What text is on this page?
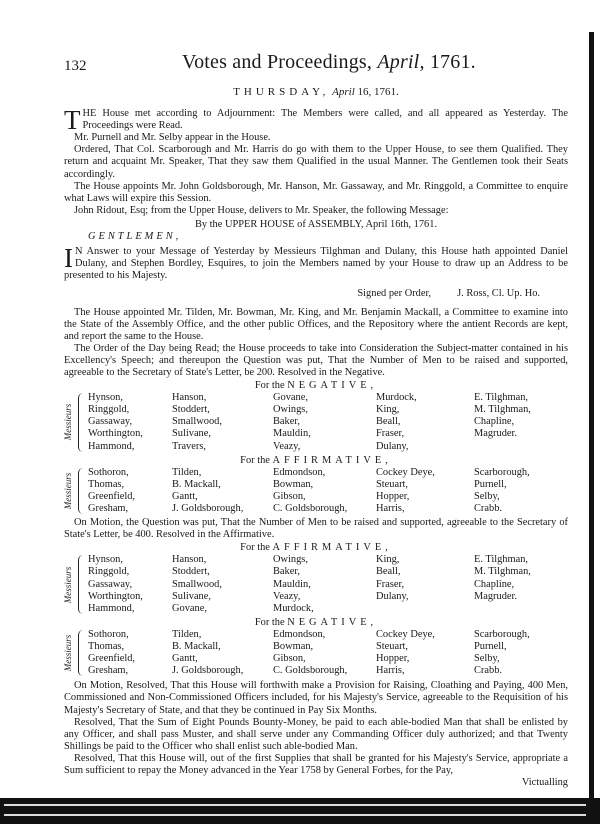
132	Votes and Proceedings, April, 1761.
THURSDAY, April 16, 1761.

THE House met according to Adjournment: The Members were called, and all appeared as Yesterday. The Proceedings were Read.

Mr. Purnell and Mr. Selby appear in the House.

Ordered, That Col. Scarborough and Mr. Harris do go with them to the Upper House, to see them Qualified. They return and acquaint Mr. Speaker, That they saw them Qualified in the usual Manner. The Gentlemen took their Seats accordingly.

The House appoints Mr. John Goldsborough, Mr. Hanson, Mr. Gassaway, and Mr. Ringgold, a Committee to enquire what Laws will expire this Session.

John Ridout, Esq; from the Upper House, delivers to Mr. Speaker, the following Message:

By the UPPER HOUSE of ASSEMBLY, April 16th, 1761.
GENTLEMEN,

I N Answer to your Message of Yesterday by Messieurs Tilghman and Dulany, this House hath appointed Daniel Dulany, and Stephen Bordley, Esquires, to join the Members named by your House to draw up an Address to be presented to his Majesty.

Signed per Order,	J. Ross, Cl. Up. Ho.

The House appointed Mr. Tilden, Mr. Bowman, Mr. King, and Mr. Benjamin Mackall, a Committee to examine into the State of the Assembly Office, and the other public Offices, and the Repository where the antient Records are kept, and report the same to the House.

The Order of the Day being Read; the House proceeds to take into Consideration the Subject-matter contained in his Excellency's Speech; and thereupon the Question was put, That the Number of Men to be raised and supported, agreeable to the Secretary of State's Letter, be 200. Resolved in the Negative.

For the NEGATIVE,
Messieurs
Hynson,	Hanson,	Govane,	Murdock,	E. Tilghman,
Ringgold,	Stoddert,	Owings,	King,	M. Tilghman,
Gassaway,	Smallwood,	Baker,	Beall,	Chapline,
Worthington,	Sulivane,	Mauldin,	Fraser,	Magruder.
Hammond,	Travers,	Veazy,	Dulany,
For the AFFIRMATIVE,
Messieurs
Sothoron,	Tilden,	Edmondson,	Cockey Deye,	Scarborough,
Thomas,	B. Mackall,	Bowman,	Steuart,	Purnell,
Greenfield,	Gantt,	Gibson,	Hopper,	Selby,
Gresham,	J. Goldsborough,	C. Goldsborough,	Harris,	Crabb.

On Motion, the Question was put, That the Number of Men to be raised and supported, agreeable to the Secretary of State's Letter, be 400. Resolved in the Affirmative.

For the AFFIRMATIVE,
Messieurs
Hynson,	Hanson,	Owings,	King,	E. Tilghman,
Ringgold,	Stoddert,	Baker,	Beall,	M. Tilghman,
Gassaway,	Smallwood,	Mauldin,	Fraser,	Chapline,
Worthington,	Sulivane,	Veazy,	Dulany,	Magruder.
Hammond,	Govane,	Murdock,
For the NEGATIVE,
Messieurs
Sothoron,	Tilden,	Edmondson,	Cockey Deye,	Scarborough,
Thomas,	B. Mackall,	Bowman,	Steuart,	Purnell,
Greenfield,	Gantt,	Gibson,	Hopper,	Selby,
Gresham,	J. Goldsborough,	C. Goldsborough,	Harris,	Crabb.

On Motion, Resolved, That this House will forthwith make a Provision for Raising, Cloathing and Paying, 400 Men, Commissioned and Non-Commissioned Officers included, for his Majesty's Service, agreeable to the Requisition of his Majesty's Secretary of State, and that they be continued in Pay Six Months.

Resolved, That the Sum of Eight Pounds Bounty-Money, be paid to each able-bodied Man that shall be enlisted by any Officer, and shall pass Muster, and shall serve under any Commanding Officer duly authorized; and that Twenty Shillings be paid to the Officer who shall enlist such able-bodied Man.

Resolved, That this House will, out of the first Supplies that shall be granted for his Majesty's Service, appropriate a Sum sufficient to repay the Money advanced in the Year 1758 by General Forbes, for the Pay,

Victualling
